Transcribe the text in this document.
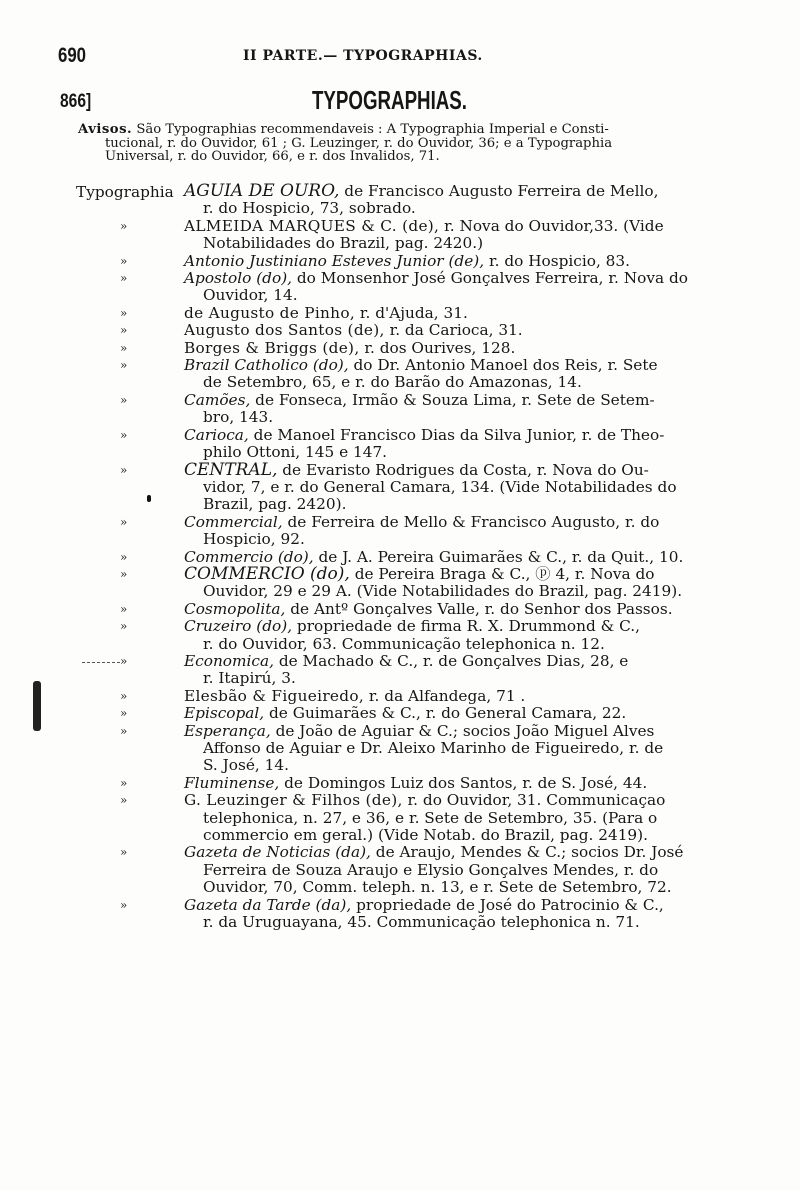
690	II PARTE.— TYPOGRAPHIAS.
866]	TYPOGRAPHIAS.
Avisos. São Typographias recommendaveis : A Typographia Imperial e Consti-
tucional, r. do Ouvidor, 61 ; G. Leuzinger, r. do Ouvidor, 36; e a Typographia
Universal, r. do Ouvidor, 66, e r. dos Invalidos, 71.
Typographia AGUIA DE OURO, de Francisco Augusto Ferreira de Mello,
r. do Hospicio, 73, sobrado.
»	ALMEIDA MARQUES & C. (de), r. Nova do Ouvidor,33. (Vide
Notabilidades do Brazil, pag. 2420.)
»	Antonio Justiniano Esteves Junior (de), r. do Hospicio, 83.
»	Apostolo (do), do Monsenhor José Gonçalves Ferreira, r. Nova do
Ouvidor, 14.
»	de Augusto de Pinho, r. d'Ajuda, 31.
»	Augusto dos Santos (de), r. da Carioca, 31.
»	Borges & Briggs (de), r. dos Ourives, 128.
»	Brazil Catholico (do), do Dr. Antonio Manoel dos Reis, r. Sete
de Setembro, 65, e r. do Barão do Amazonas, 14.
»	Camões, de Fonseca, Irmão & Souza Lima, r. Sete de Setem-
bro, 143.
»	Carioca, de Manoel Francisco Dias da Silva Junior, r. de Theo-
philo Ottoni, 145 e 147.
»	CENTRAL, de Evaristo Rodrigues da Costa, r. Nova do Ou-
vidor, 7, e r. do General Camara, 134. (Vide Notabilidades do
Brazil, pag. 2420).
»	Commercial, de Ferreira de Mello & Francisco Augusto, r. do
Hospicio, 92.
»	Commercio (do), de J. A. Pereira Guimarães & C., r. da Quit., 10.
»	COMMERCIO (do), de Pereira Braga & C., ⓟ 4, r. Nova do
Ouvidor, 29 e 29 A. (Vide Notabilidades do Brazil, pag. 2419).
»	Cosmopolita, de Antº Gonçalves Valle, r. do Senhor dos Passos.
»	Cruzeiro (do), propriedade de firma R. X. Drummond & C.,
r. do Ouvidor, 63. Communicação telephonica n. 12.
»	Economica, de Machado & C., r. de Gonçalves Dias, 28, e
r. Itapirú, 3.
»	Elesbão & Figueiredo, r. da Alfandega, 71 .
»	Episcopal, de Guimarães & C., r. do General Camara, 22.
»	Esperança, de João de Aguiar & C.; socios João Miguel Alves
Affonso de Aguiar e Dr. Aleixo Marinho de Figueiredo, r. de
S. José, 14.
»	Fluminense, de Domingos Luiz dos Santos, r. de S. José, 44.
»	G. Leuzinger & Filhos (de), r. do Ouvidor, 31. Communicaçao
telephonica, n. 27, e 36, e r. Sete de Setembro, 35. (Para o
commercio em geral.) (Vide Notab. do Brazil, pag. 2419).
»	Gazeta de Noticias (da), de Araujo, Mendes & C.; socios Dr. José
Ferreira de Souza Araujo e Elysio Gonçalves Mendes, r. do
Ouvidor, 70, Comm. teleph. n. 13, e r. Sete de Setembro, 72.
»	Gazeta da Tarde (da), propriedade de José do Patrocinio & C.,
r. da Uruguayana, 45. Communicação telephonica n. 71.
